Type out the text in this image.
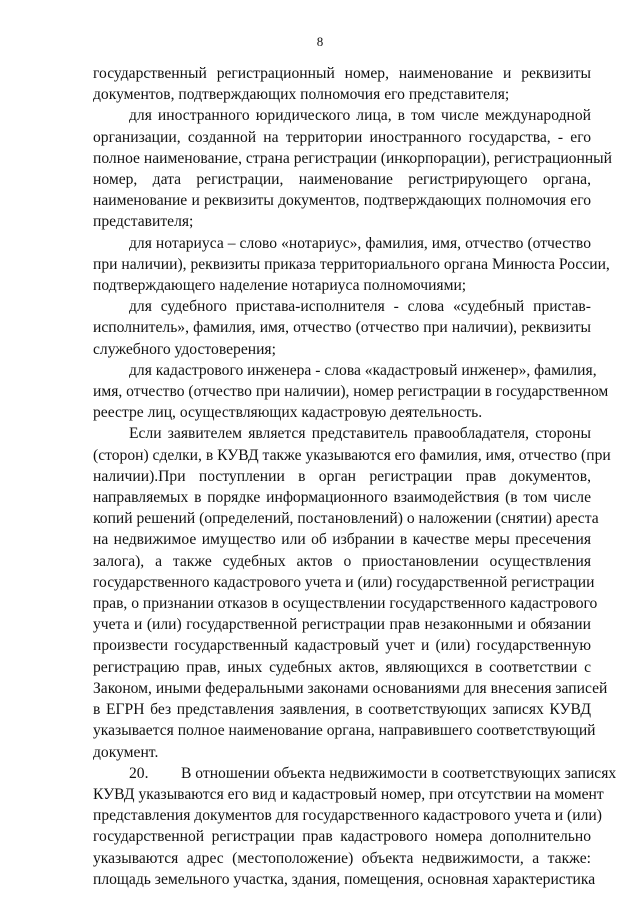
8

государственный регистрационный номер, наименование и реквизиты
документов, подтверждающих полномочия его представителя;

для иностранного юридического лица, в том числе международной
организации, созданной на территории иностранного государства, - его
полное наименование, страна регистрации (инкорпорации), регистрационный
номер, дата регистрации, наименование регистрирующего органа,
наименование и реквизиты документов, подтверждающих полномочия его
представителя;

для нотариуса – слово «нотариус», фамилия, имя, отчество (отчество
при наличии), реквизиты приказа территориального органа Минюста России,
подтверждающего наделение нотариуса полномочиями;

для судебного пристава-исполнителя - слова «судебный пристав-
исполнитель», фамилия, имя, отчество (отчество при наличии), реквизиты
служебного удостоверения;

для кадастрового инженера - слова «кадастровый инженер», фамилия,
имя, отчество (отчество при наличии), номер регистрации в государственном
реестре лиц, осуществляющих кадастровую деятельность.

Если заявителем является представитель правообладателя, стороны
(сторон) сделки, в КУВД также указываются его фамилия, имя, отчество (при
наличии).При поступлении в орган регистрации прав документов,
направляемых в порядке информационного взаимодействия (в том числе
копий решений (определений, постановлений) о наложении (снятии) ареста
на недвижимое имущество или об избрании в качестве меры пресечения
залога), а также судебных актов о приостановлении осуществления
государственного кадастрового учета и (или) государственной регистрации
прав, о признании отказов в осуществлении государственного кадастрового
учета и (или) государственной регистрации прав незаконными и обязании
произвести государственный кадастровый учет и (или) государственную
регистрацию прав, иных судебных актов, являющихся в соответствии с
Законом, иными федеральными законами основаниями для внесения записей
в ЕГРН без представления заявления, в соответствующих записях КУВД
указывается полное наименование органа, направившего соответствующий
документ.

20. В отношении объекта недвижимости в соответствующих записях
КУВД указываются его вид и кадастровый номер, при отсутствии на момент
представления документов для государственного кадастрового учета и (или)
государственной регистрации прав кадастрового номера дополнительно
указываются адрес (местоположение) объекта недвижимости, а также:
площадь земельного участка, здания, помещения, основная характеристика
